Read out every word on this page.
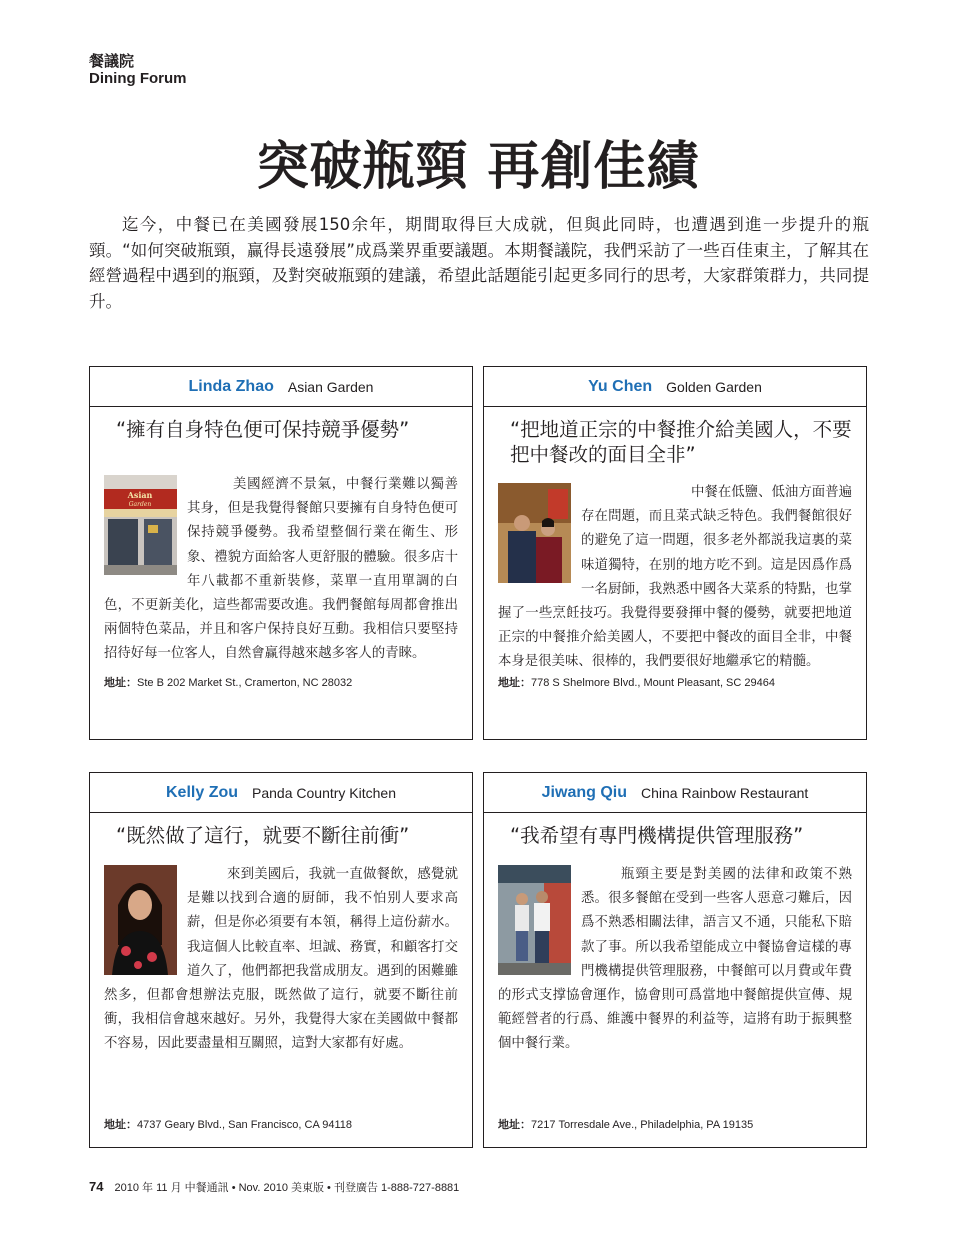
餐議院
Dining Forum
突破瓶頸 再創佳績
迄今，中餐已在美國發展150余年，期間取得巨大成就，但與此同時，也遭遇到進一步提升的瓶頸。“如何突破瓶頸，赢得長遠發展”成爲業界重要議題。本期餐議院，我們采訪了一些百佳東主，了解其在經營過程中遇到的瓶頸，及對突破瓶頸的建議，希望此話題能引起更多同行的思考，大家群策群力，共同提升。
Linda Zhao Asian Garden
“擁有自身特色便可保持競爭優勢”
Asian
Garden
美國經濟不景氣，中餐行業難以獨善其身，但是我覺得餐館只要擁有自身特色便可保持競爭優勢。我希望整個行業在衛生、形象、禮貌方面給客人更舒服的體驗。很多店十年八載都不重新裝修，菜單一直用單調的白色，不更新美化，這些都需要改進。我們餐館每周都會推出兩個特色菜品，并且和客户保持良好互動。我相信只要堅持招待好每一位客人，自然會赢得越來越多客人的青睞。
地址：Ste B 202 Market St., Cramerton, NC 28032
Yu Chen Golden Garden
“把地道正宗的中餐推介給美國人，不要把中餐改的面目全非”
中餐在低鹽、低油方面普遍存在問題，而且菜式缺乏特色。我們餐館很好的避免了這一問題，很多老外都説我這裏的菜味道獨特，在别的地方吃不到。這是因爲作爲一名厨師，我熟悉中國各大菜系的特點，也掌握了一些烹飪技巧。我覺得要發揮中餐的優勢，就要把地道正宗的中餐推介給美國人，不要把中餐改的面目全非，中餐本身是很美味、很棒的，我們要很好地繼承它的精髓。
地址：778 S Shelmore Blvd., Mount Pleasant, SC 29464
Kelly Zou Panda Country Kitchen
“既然做了這行，就要不斷往前衝”
來到美國后，我就一直做餐飲，感覺就是難以找到合適的厨師，我不怕别人要求高薪，但是你必須要有本領，稱得上這份薪水。我這個人比較直率、坦誠、務實，和顧客打交道久了，他們都把我當成朋友。遇到的困難雖然多，但都會想辦法克服，既然做了這行，就要不斷往前衝，我相信會越來越好。另外，我覺得大家在美國做中餐都不容易，因此要盡量相互關照，這對大家都有好處。
地址：4737 Geary Blvd., San Francisco, CA 94118
Jiwang Qiu China Rainbow Restaurant
“我希望有專門機構提供管理服務”
瓶頸主要是對美國的法律和政策不熟悉。很多餐館在受到一些客人惡意刁難后，因爲不熟悉相關法律，語言又不通，只能私下賠款了事。所以我希望能成立中餐協會這樣的專門機構提供管理服務，中餐館可以月費或年費的形式支撑協會運作，協會則可爲當地中餐館提供宣傳、規範經營者的行爲、維護中餐界的利益等，這將有助于振興整個中餐行業。
地址：7217 Torresdale Ave., Philadelphia, PA 19135
74 2010 年 11 月 中餐通訊 • Nov. 2010 美東版 • 刊登廣告 1-888-727-8881
